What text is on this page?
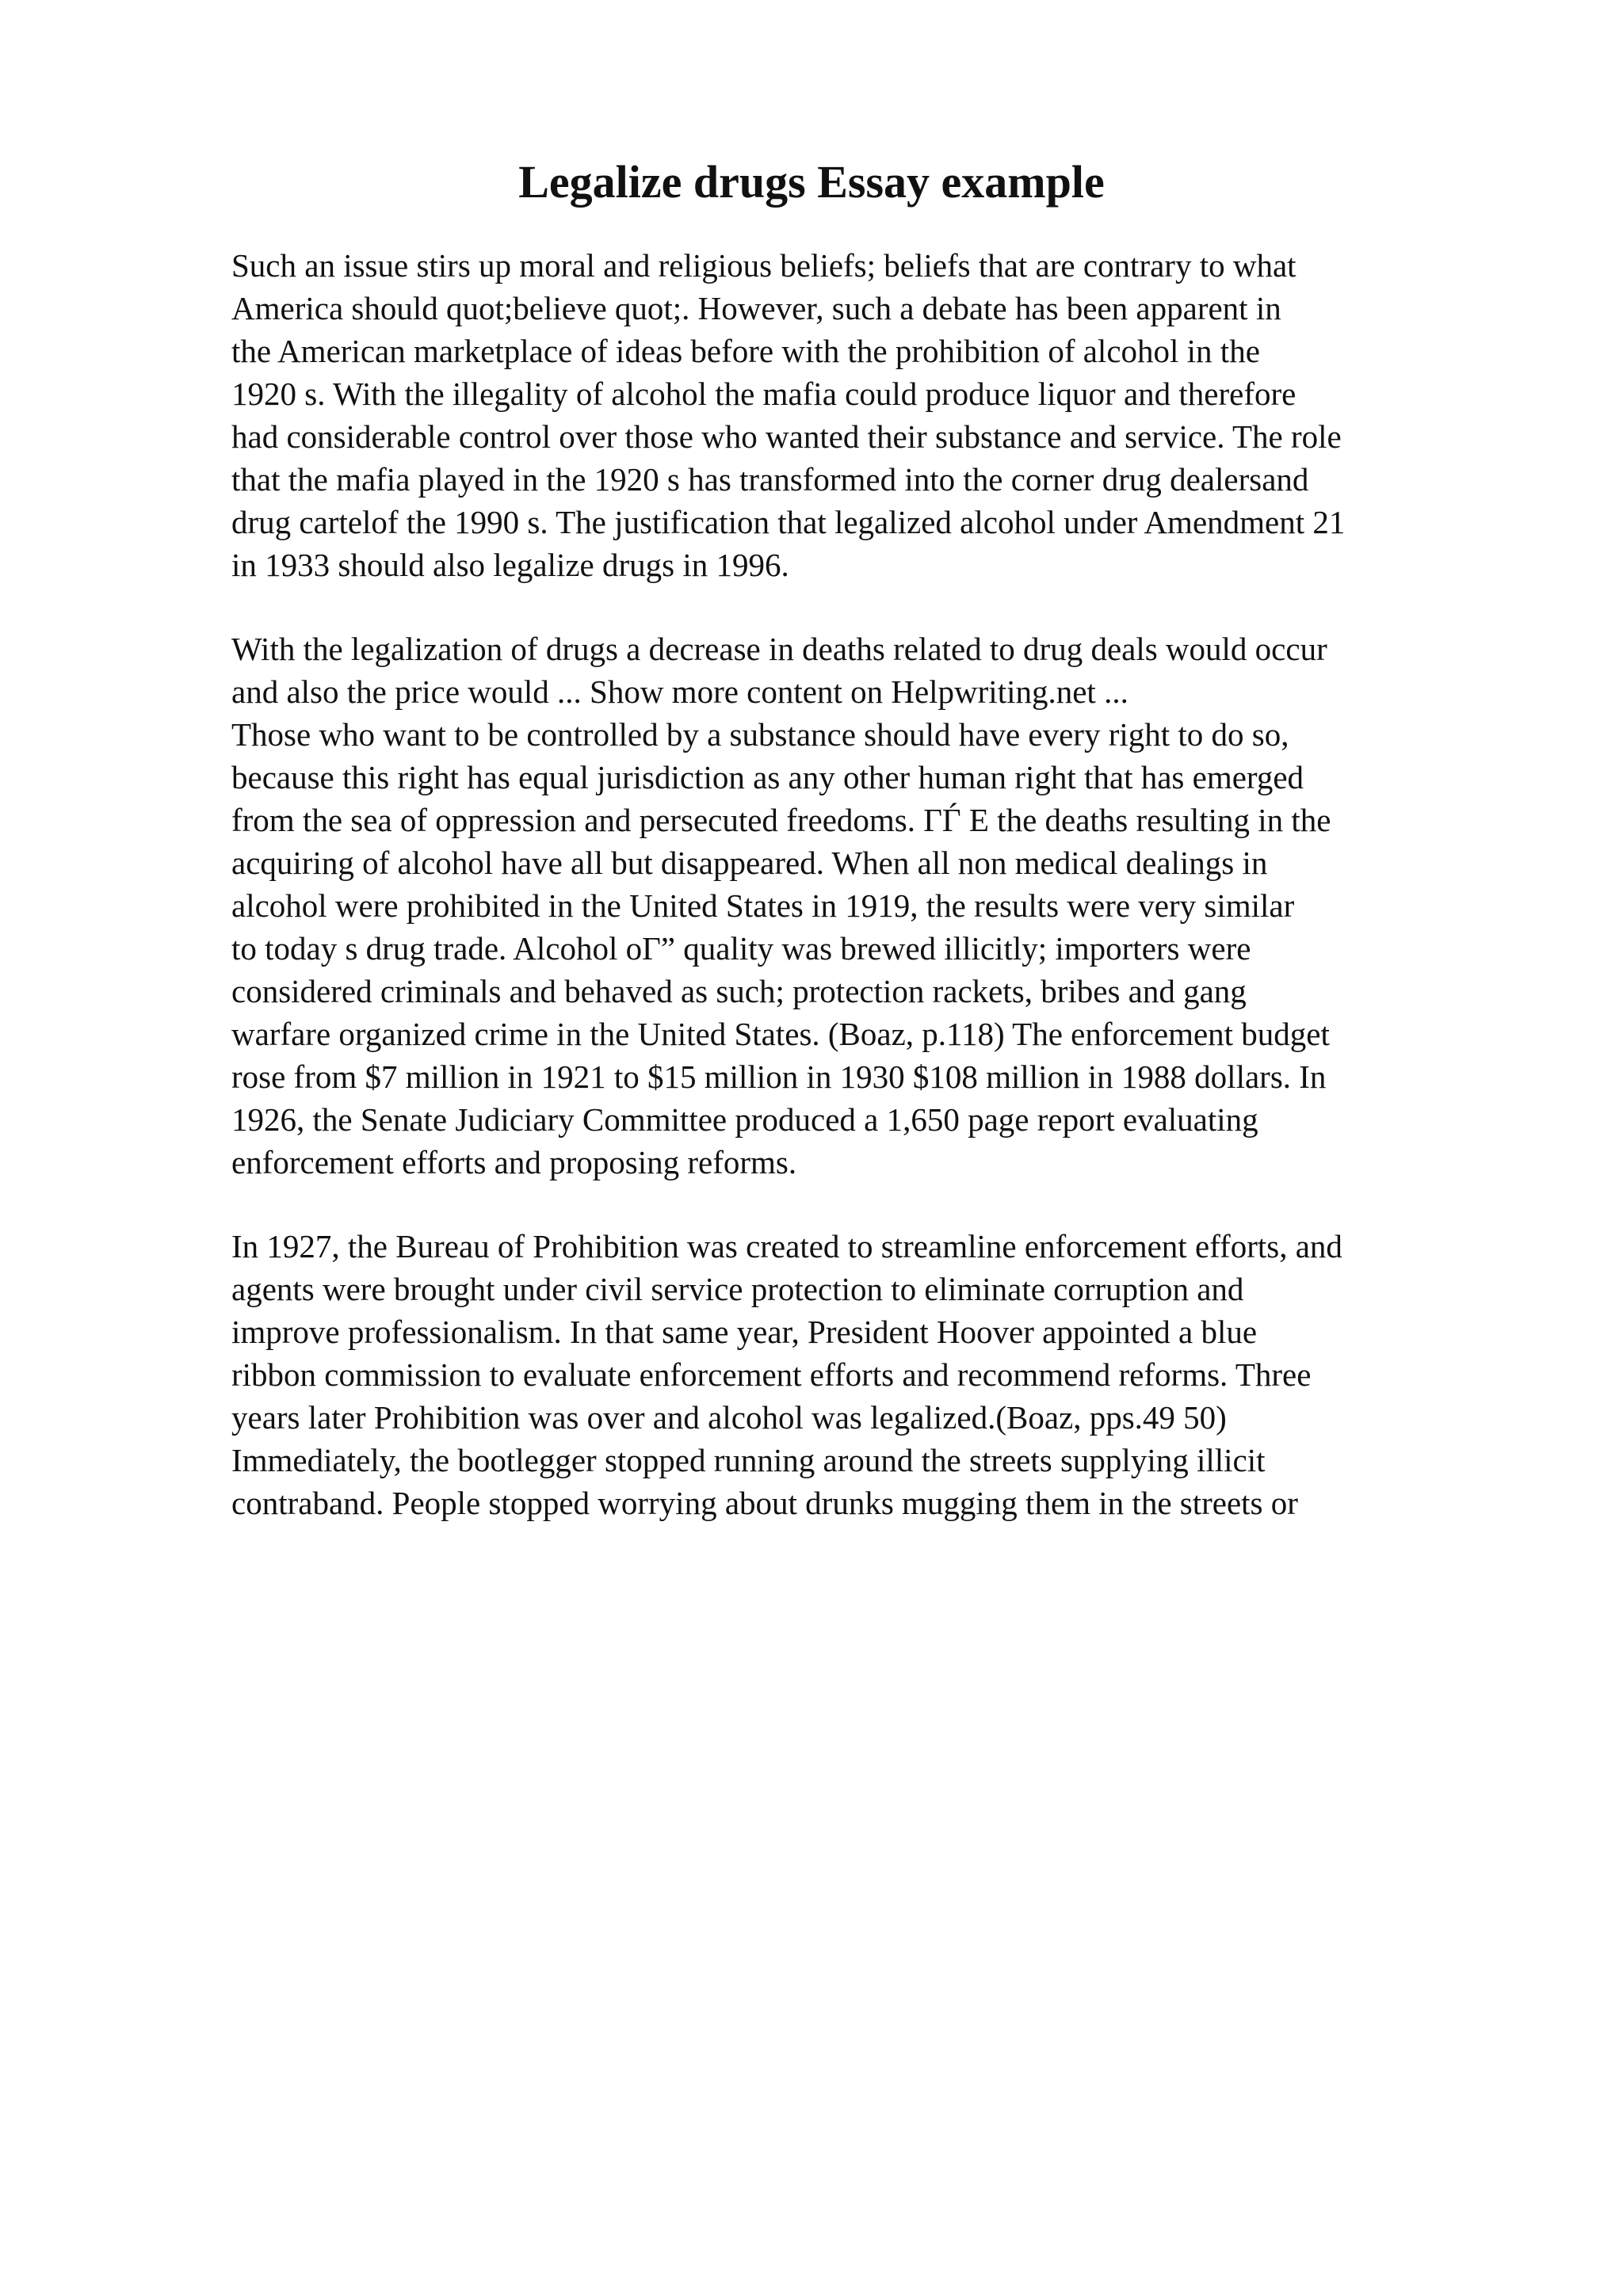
Legalize drugs Essay example

Such an issue stirs up moral and religious beliefs; beliefs that are contrary to what
America should quot;believe quot;. However, such a debate has been apparent in
the American marketplace of ideas before with the prohibition of alcohol in the
1920 s. With the illegality of alcohol the mafia could produce liquor and therefore
had considerable control over those who wanted their substance and service. The role
that the mafia played in the 1920 s has transformed into the corner drug dealersand
drug cartelof the 1990 s. The justification that legalized alcohol under Amendment 21
in 1933 should also legalize drugs in 1996.

With the legalization of drugs a decrease in deaths related to drug deals would occur
and also the price would ... Show more content on Helpwriting.net ...
Those who want to be controlled by a substance should have every right to do so,
because this right has equal jurisdiction as any other human right that has emerged
from the sea of oppression and persecuted freedoms. ГЃ E the deaths resulting in the
acquiring of alcohol have all but disappeared. When all non medical dealings in
alcohol were prohibited in the United States in 1919, the results were very similar
to today s drug trade. Alcohol оГ” quality was brewed illicitly; importers were
considered criminals and behaved as such; protection rackets, bribes and gang
warfare organized crime in the United States. (Boaz, p.118) The enforcement budget
rose from $7 million in 1921 to $15 million in 1930 $108 million in 1988 dollars. In
1926, the Senate Judiciary Committee produced a 1,650 page report evaluating
enforcement efforts and proposing reforms.

In 1927, the Bureau of Prohibition was created to streamline enforcement efforts, and
agents were brought under civil service protection to eliminate corruption and
improve professionalism. In that same year, President Hoover appointed a blue
ribbon commission to evaluate enforcement efforts and recommend reforms. Three
years later Prohibition was over and alcohol was legalized.(Boaz, pps.49 50)
Immediately, the bootlegger stopped running around the streets supplying illicit
contraband. People stopped worrying about drunks mugging them in the streets or
